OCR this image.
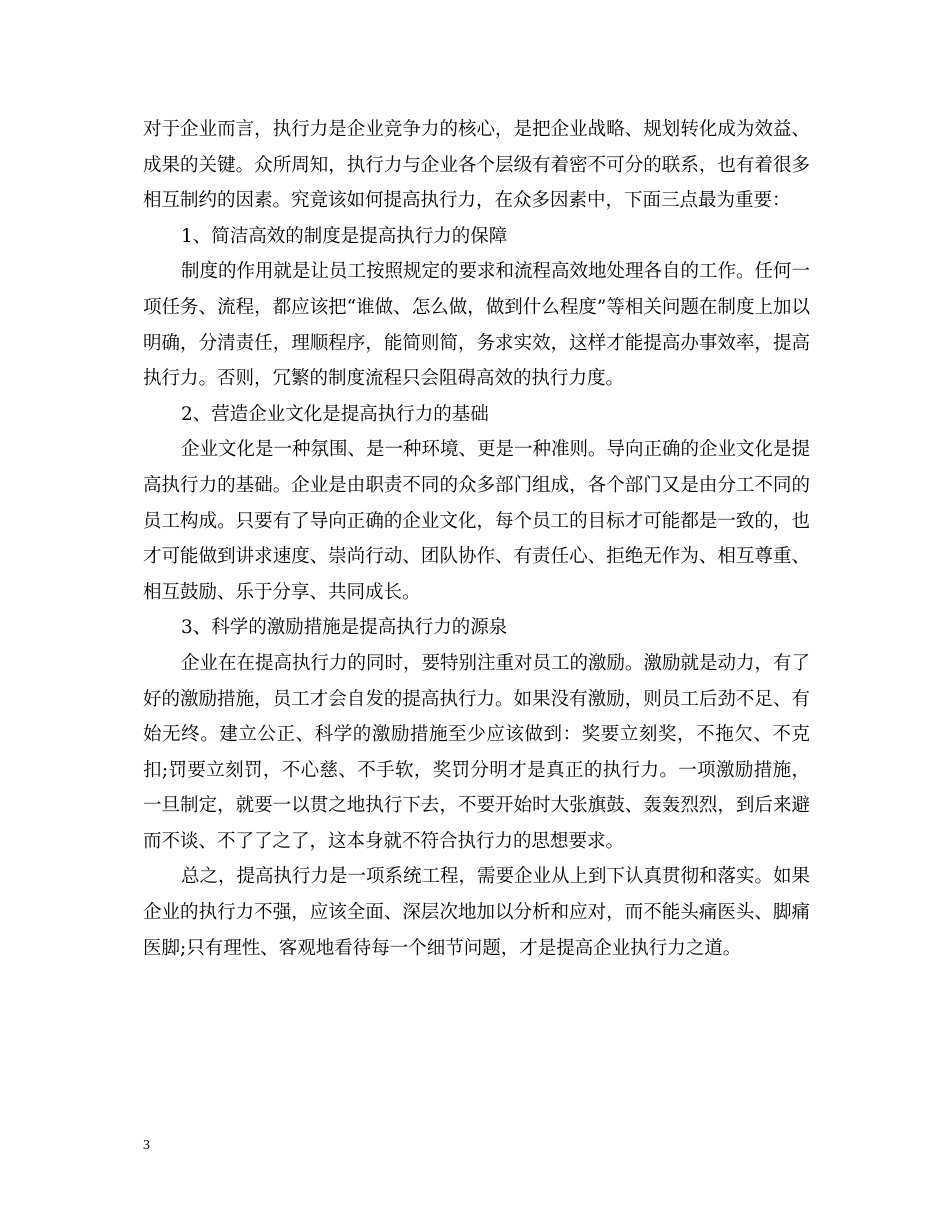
对于企业而言，执行力是企业竞争力的核心，是把企业战略、规划转化成为效益、成果的关键。众所周知，执行力与企业各个层级有着密不可分的联系，也有着很多相互制约的因素。究竟该如何提高执行力，在众多因素中，下面三点最为重要：

1、简洁高效的制度是提高执行力的保障

制度的作用就是让员工按照规定的要求和流程高效地处理各自的工作。任何一项任务、流程，都应该把“谁做、怎么做，做到什么程度”等相关问题在制度上加以明确，分清责任，理顺程序，能简则简，务求实效，这样才能提高办事效率，提高执行力。否则，冗繁的制度流程只会阻碍高效的执行力度。

2、营造企业文化是提高执行力的基础

企业文化是一种氛围、是一种环境、更是一种准则。导向正确的企业文化是提高执行力的基础。企业是由职责不同的众多部门组成，各个部门又是由分工不同的员工构成。只要有了导向正确的企业文化，每个员工的目标才可能都是一致的，也才可能做到讲求速度、崇尚行动、团队协作、有责任心、拒绝无作为、相互尊重、相互鼓励、乐于分享、共同成长。

3、科学的激励措施是提高执行力的源泉

企业在在提高执行力的同时，要特别注重对员工的激励。激励就是动力，有了好的激励措施，员工才会自发的提高执行力。如果没有激励，则员工后劲不足、有始无终。建立公正、科学的激励措施至少应该做到：奖要立刻奖，不拖欠、不克扣;罚要立刻罚，不心慈、不手软，奖罚分明才是真正的执行力。一项激励措施，一旦制定，就要一以贯之地执行下去，不要开始时大张旗鼓、轰轰烈烈，到后来避而不谈、不了了之了，这本身就不符合执行力的思想要求。

总之，提高执行力是一项系统工程，需要企业从上到下认真贯彻和落实。如果企业的执行力不强，应该全面、深层次地加以分析和应对，而不能头痛医头、脚痛医脚;只有理性、客观地看待每一个细节问题，才是提高企业执行力之道。

3
